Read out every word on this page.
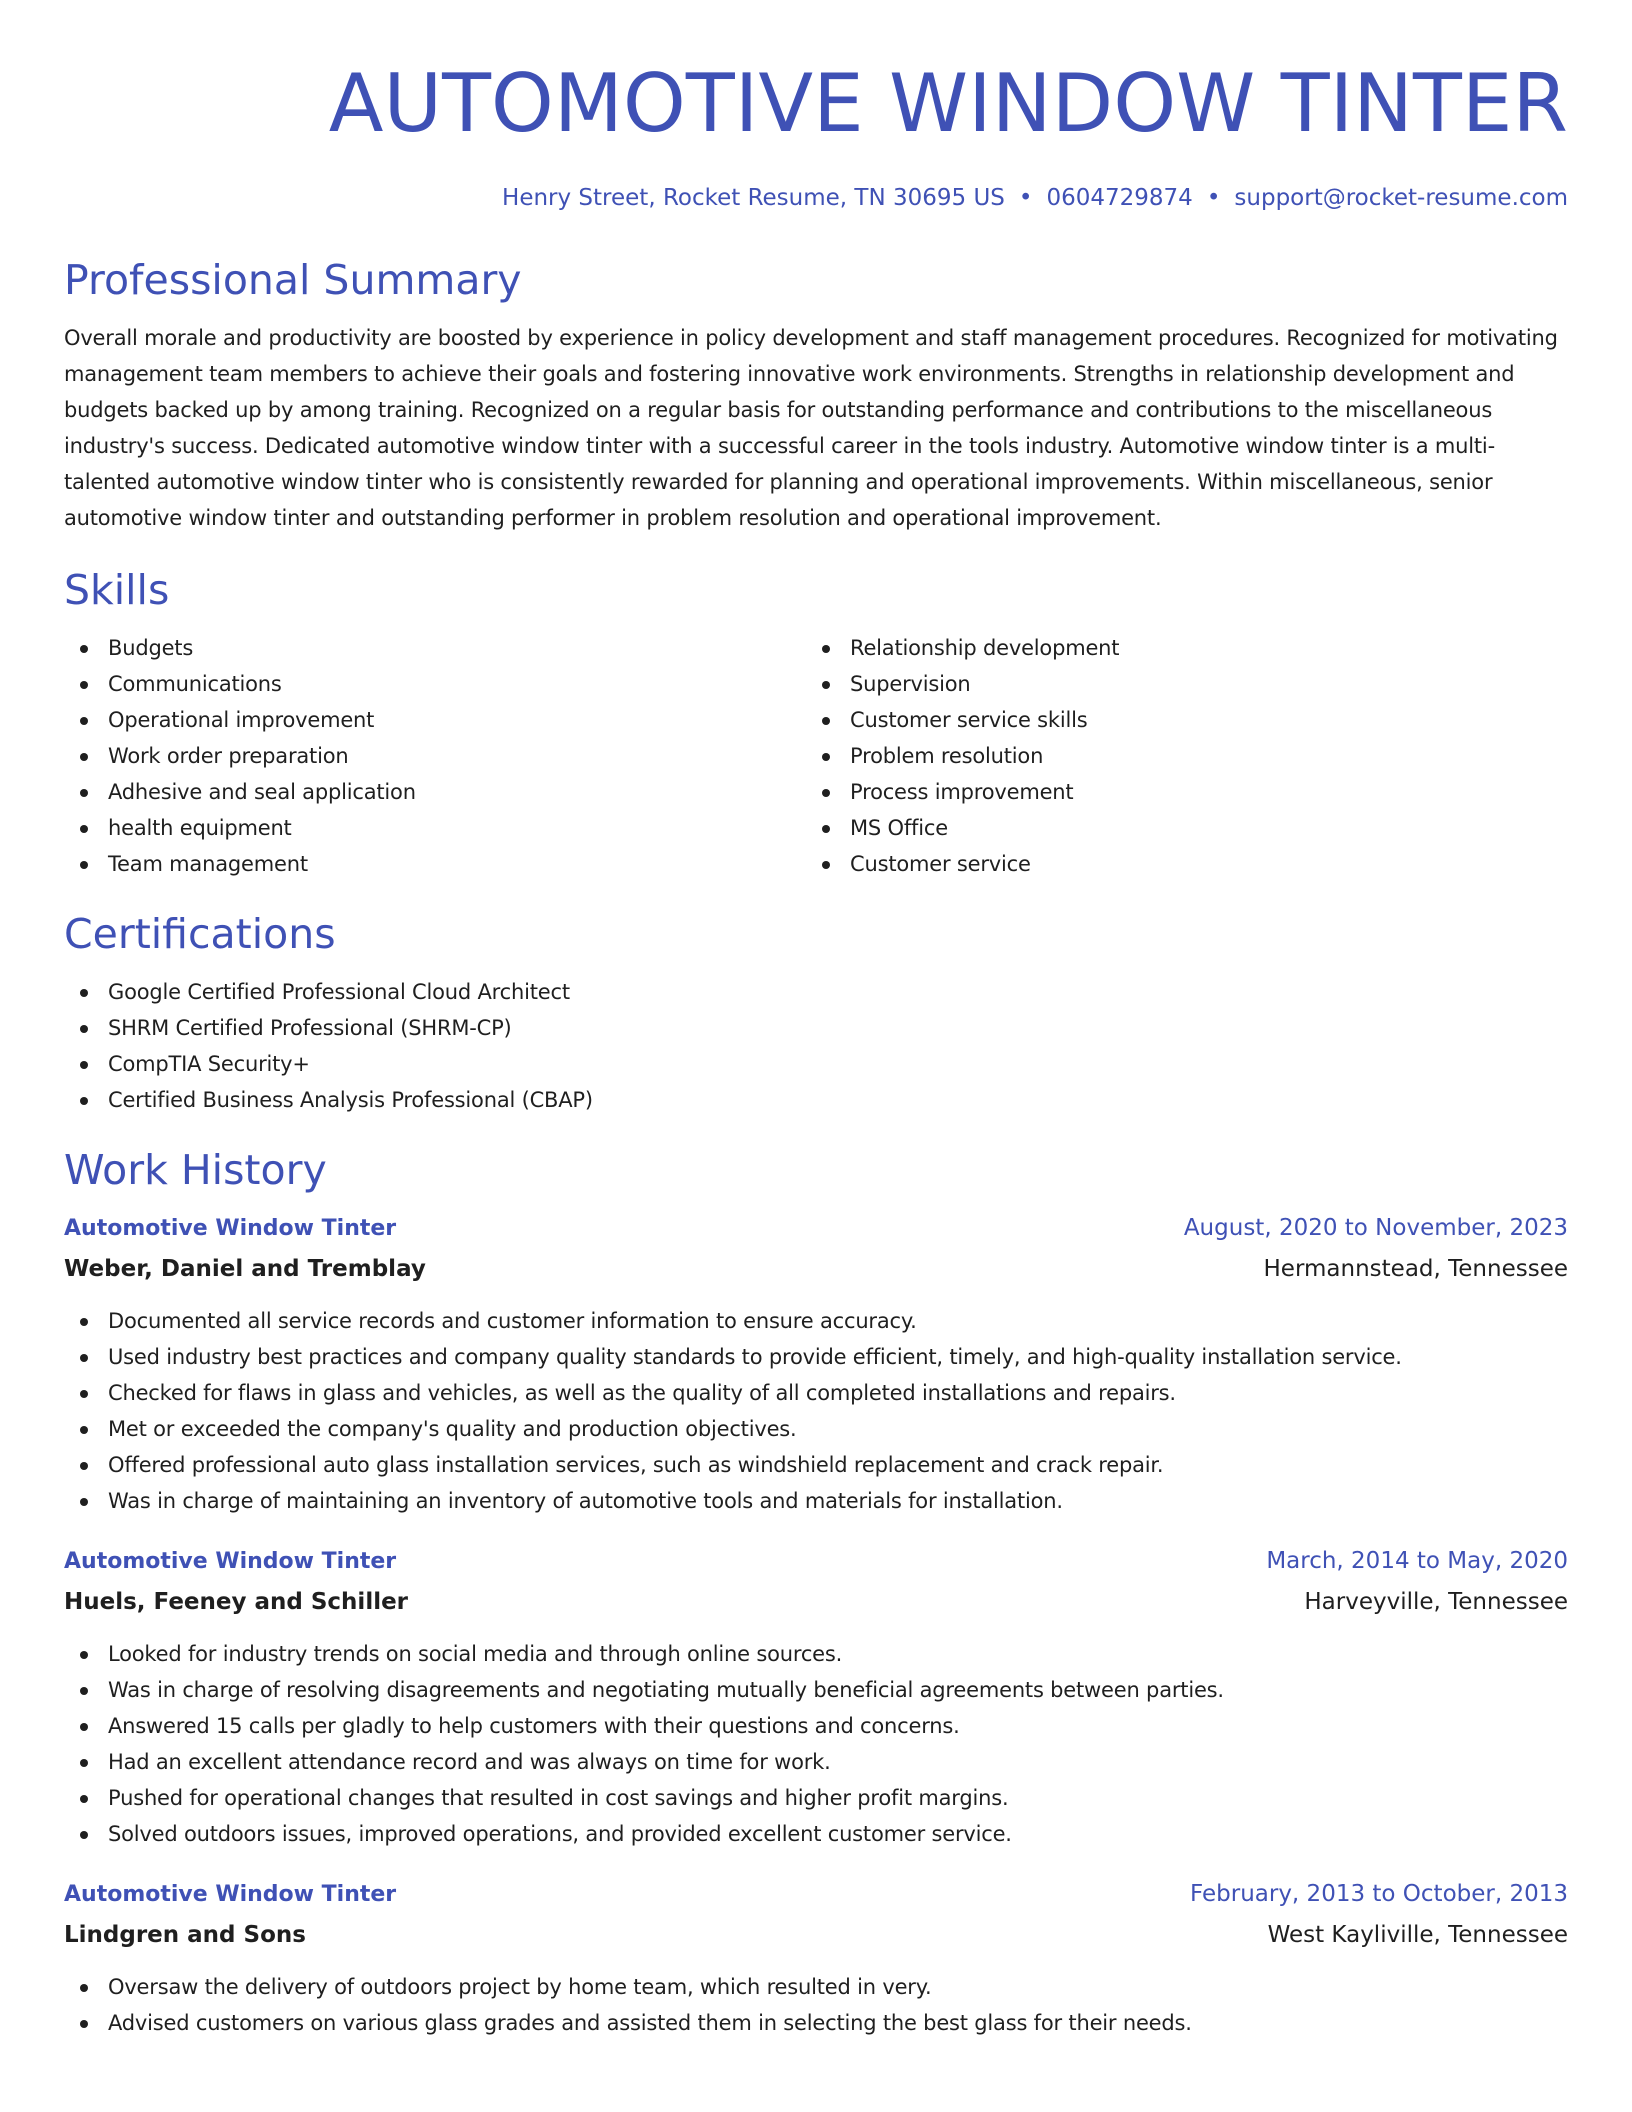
AUTOMOTIVE WINDOW TINTER
Henry Street, Rocket Resume, TN 30695 US • 0604729874 • support@rocket-resume.com
Professional Summary

Overall morale and productivity are boosted by experience in policy development and staff management procedures. Recognized for motivating management team members to achieve their goals and fostering innovative work environments. Strengths in relationship development and budgets backed up by among training. Recognized on a regular basis for outstanding performance and contributions to the miscellaneous industry's success. Dedicated automotive window tinter with a successful career in the tools industry. Automotive window tinter is a multi-talented automotive window tinter who is consistently rewarded for planning and operational improvements. Within miscellaneous, senior automotive window tinter and outstanding performer in problem resolution and operational improvement.

Skills
Budgets
Communications
Operational improvement
Work order preparation
Adhesive and seal application
health equipment
Team management
Relationship development
Supervision
Customer service skills
Problem resolution
Process improvement
MS Office
Customer service
Certifications
Google Certified Professional Cloud Architect
SHRM Certified Professional (SHRM-CP)
CompTIA Security+
Certified Business Analysis Professional (CBAP)
Work History
Automotive Window Tinter	August, 2020 to November, 2023
Weber, Daniel and Tremblay	Hermannstead, Tennessee
Documented all service records and customer information to ensure accuracy.
Used industry best practices and company quality standards to provide efficient, timely, and high-quality installation service.
Checked for flaws in glass and vehicles, as well as the quality of all completed installations and repairs.
Met or exceeded the company's quality and production objectives.
Offered professional auto glass installation services, such as windshield replacement and crack repair.
Was in charge of maintaining an inventory of automotive tools and materials for installation.
Automotive Window Tinter	March, 2014 to May, 2020
Huels, Feeney and Schiller	Harveyville, Tennessee
Looked for industry trends on social media and through online sources.
Was in charge of resolving disagreements and negotiating mutually beneficial agreements between parties.
Answered 15 calls per gladly to help customers with their questions and concerns.
Had an excellent attendance record and was always on time for work.
Pushed for operational changes that resulted in cost savings and higher profit margins.
Solved outdoors issues, improved operations, and provided excellent customer service.
Automotive Window Tinter	February, 2013 to October, 2013
Lindgren and Sons	West Kayliville, Tennessee
Oversaw the delivery of outdoors project by home team, which resulted in very.
Advised customers on various glass grades and assisted them in selecting the best glass for their needs.
